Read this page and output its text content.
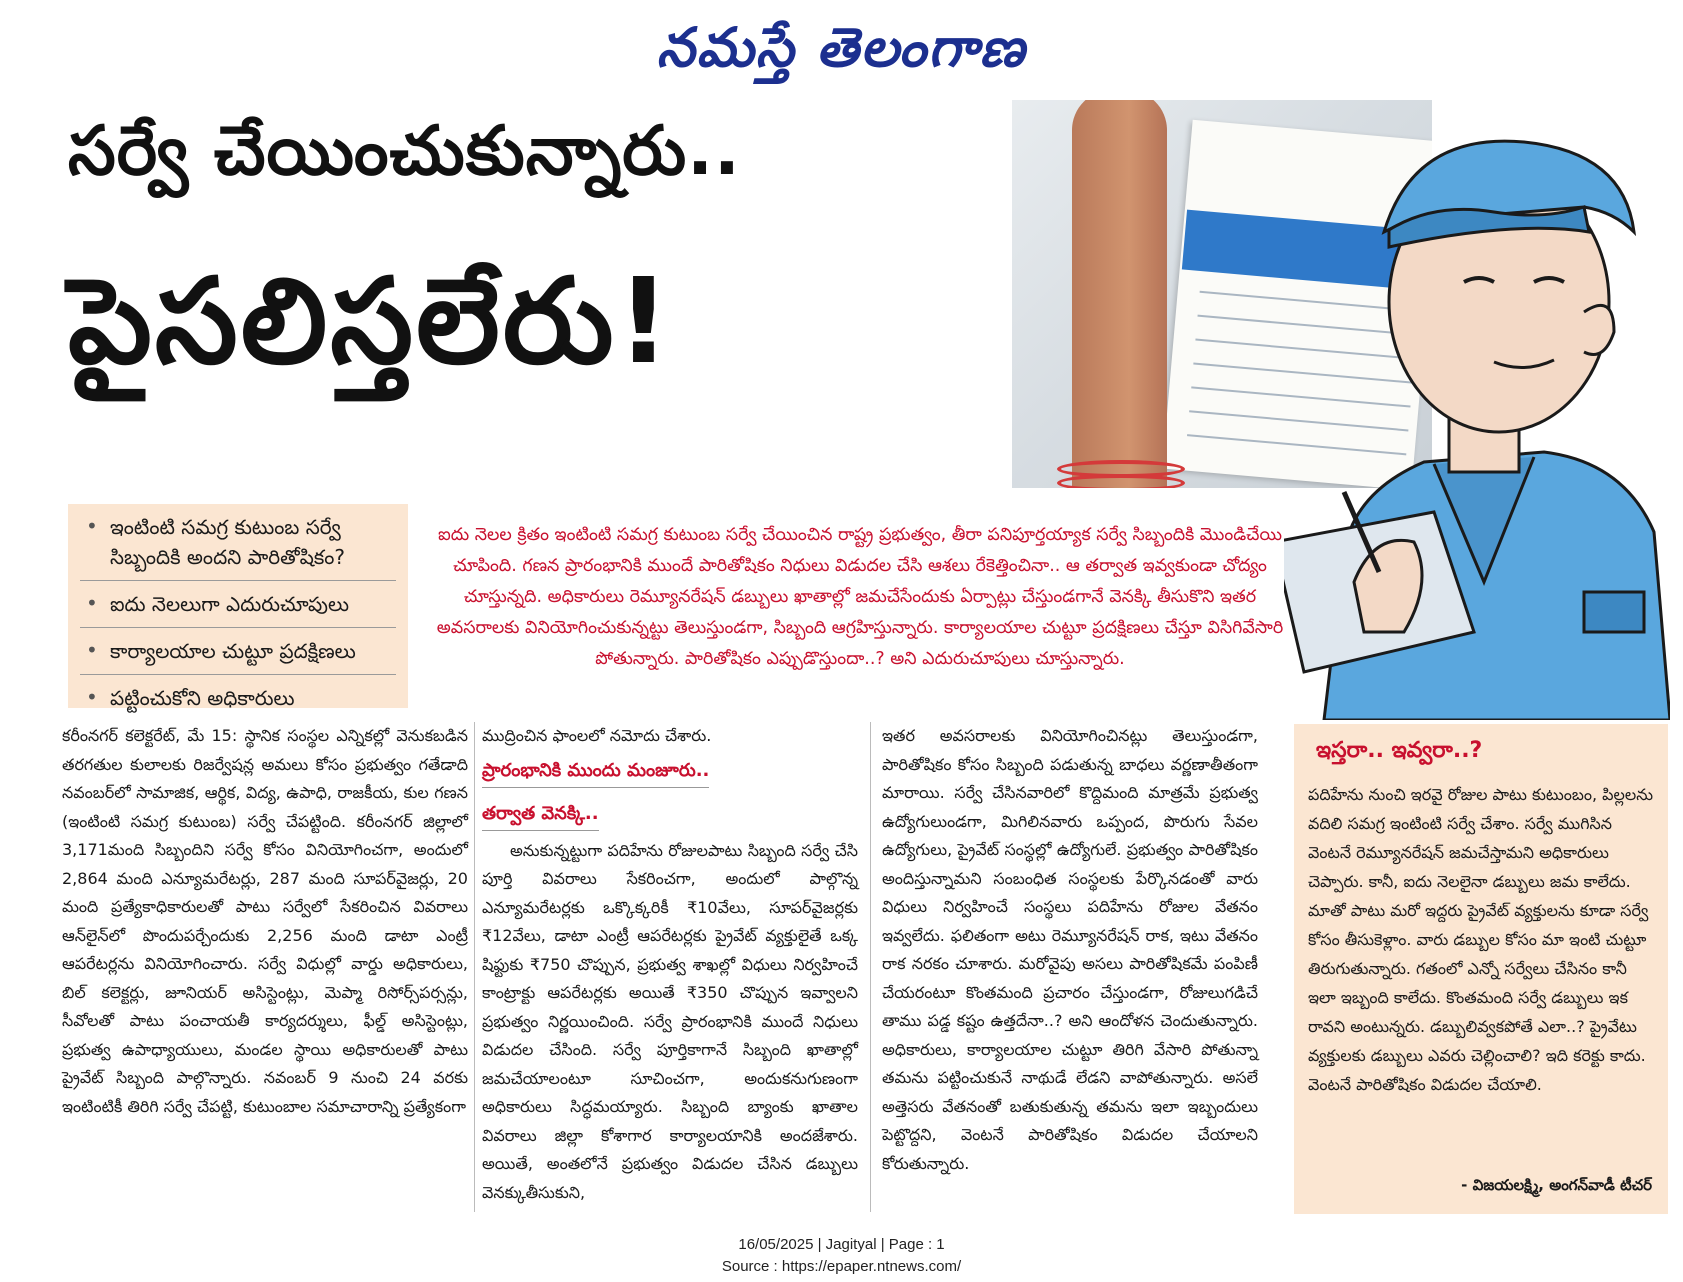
నమస్తే తెలంగాణ
సర్వే చేయించుకున్నారు..
పైసలిస్తలేరు!
• ఇంటింటి సమగ్ర కుటుంబ సర్వే సిబ్బందికి అందని పారితోషికం?
• ఐదు నెలలుగా ఎదురుచూపులు
• కార్యాలయాల చుట్టూ ప్రదక్షిణలు
• పట్టించుకోని అధికారులు
ఐదు నెలల క్రితం ఇంటింటి సమగ్ర కుటుంబ సర్వే చేయించిన రాష్ట్ర ప్రభుత్వం, తీరా పనిపూర్తయ్యాక సర్వే సిబ్బందికి మొండిచేయి చూపింది. గణన ప్రారంభానికి ముందే పారితోషికం నిధులు విడుదల చేసి ఆశలు రేకెత్తించినా.. ఆ తర్వాత ఇవ్వకుండా చోద్యం చూస్తున్నది. అధికారులు రెమ్యూనరేషన్ డబ్బులు ఖాతాల్లో జమచేసేందుకు ఏర్పాట్లు చేస్తుండగానే వెనక్కి తీసుకొని ఇతర అవసరాలకు వినియోగించుకున్నట్టు తెలుస్తుండగా, సిబ్బంది ఆగ్రహిస్తున్నారు. కార్యాలయాల చుట్టూ ప్రదక్షిణలు చేస్తూ విసిగివేసారి పోతున్నారు. పారితోషికం ఎప్పుడొస్తుందా..? అని ఎదురుచూపులు చూస్తున్నారు.
కరీంనగర్ కలెక్టరేట్, మే 15: స్థానిక సంస్థల ఎన్నికల్లో వెనుకబడిన తరగతుల కులాలకు రిజర్వేషన్ల అమలు కోసం ప్రభుత్వం గతేడాది నవంబర్‌లో సామాజిక, ఆర్థిక, విద్య, ఉపాధి, రాజకీయ, కుల గణన (ఇంటింటి సమగ్ర కుటుంబ) సర్వే చేపట్టింది. కరీంనగర్ జిల్లాలో 3,171మంది సిబ్బందిని సర్వే కోసం వినియోగించగా, అందులో 2,864 మంది ఎన్యూమరేటర్లు, 287 మంది సూపర్‌వైజర్లు, 20 మంది ప్రత్యేకాధికారులతో పాటు సర్వేలో సేకరించిన వివరాలు ఆన్‌లైన్‌లో పొందుపర్చేందుకు 2,256 మంది డాటా ఎంట్రీ ఆపరేటర్లను వినియోగించారు. సర్వే విధుల్లో వార్డు అధికారులు, బిల్ కలెక్టర్లు, జూనియర్ అసిస్టెంట్లు, మెప్మా రిసోర్స్‌పర్సన్లు, సీవోలతో పాటు పంచాయతీ కార్యదర్శులు, ఫీల్డ్ అసిస్టెంట్లు, ప్రభుత్వ ఉపాధ్యాయులు, మండల స్థాయి అధికారులతో పాటు ప్రైవేట్ సిబ్బంది పాల్గొన్నారు. నవంబర్ 9 నుంచి 24 వరకు ఇంటింటికీ తిరిగి సర్వే చేపట్టి, కుటుంబాల సమాచారాన్ని ప్రత్యేకంగా

ముద్రించిన ఫాంలలో నమోదు చేశారు.

ప్రారంభానికి ముందు మంజూరు..
తర్వాత వెనక్కి..

అనుకున్నట్టుగా పదిహేను రోజులపాటు సిబ్బంది సర్వే చేసి పూర్తి వివరాలు సేకరించగా, అందులో పాల్గొన్న ఎన్యూమరేటర్లకు ఒక్కొక్కరికీ ₹10వేలు, సూపర్‌వైజర్లకు ₹12వేలు, డాటా ఎంట్రీ ఆపరేటర్లకు ప్రైవేట్ వ్యక్తులైతే ఒక్క షిఫ్టుకు ₹750 చొప్పున, ప్రభుత్వ శాఖల్లో విధులు నిర్వహించే కాంట్రాక్టు ఆపరేటర్లకు అయితే ₹350 చొప్పున ఇవ్వాలని ప్రభుత్వం నిర్ణయించింది. సర్వే ప్రారంభానికి ముందే నిధులు విడుదల చేసింది. సర్వే పూర్తికాగానే సిబ్బంది ఖాతాల్లో జమచేయాలంటూ సూచించగా, అందుకనుగుణంగా అధికారులు సిద్ధమయ్యారు. సిబ్బంది బ్యాంకు ఖాతాల వివరాలు జిల్లా కోశాగార కార్యాలయానికి అందజేశారు. అయితే, అంతలోనే ప్రభుత్వం విడుదల చేసిన డబ్బులు వెనక్కుతీసుకుని,

ఇతర అవసరాలకు వినియోగించినట్లు తెలుస్తుండగా, పారితోషికం కోసం సిబ్బంది పడుతున్న బాధలు వర్ణణాతీతంగా మారాయి. సర్వే చేసినవారిలో కొద్దిమంది మాత్రమే ప్రభుత్వ ఉద్యోగులుండగా, మిగిలినవారు ఒప్పంద, పొరుగు సేవల ఉద్యోగులు, ప్రైవేట్ సంస్థల్లో ఉద్యోగులే. ప్రభుత్వం పారితోషికం అందిస్తున్నామని సంబంధిత సంస్థలకు పేర్కొనడంతో వారు విధులు నిర్వహించే సంస్థలు పదిహేను రోజుల వేతనం ఇవ్వలేదు. ఫలితంగా అటు రెమ్యూనరేషన్ రాక, ఇటు వేతనం రాక నరకం చూశారు. మరోవైపు అసలు పారితోషికమే పంపిణీ చేయరంటూ కొంతమంది ప్రచారం చేస్తుండగా, రోజులుగడిచే తాము పడ్డ కష్టం ఉత్తదేనా..? అని ఆందోళన చెందుతున్నారు. అధికారులు, కార్యాలయాల చుట్టూ తిరిగి వేసారి పోతున్నా తమను పట్టించుకునే నాథుడే లేడని వాపోతున్నారు. అసలే అత్తెసరు వేతనంతో బతుకుతున్న తమను ఇలా ఇబ్బందులు పెట్టొద్దని, వెంటనే పారితోషికం విడుదల చేయాలని కోరుతున్నారు.
ఇస్తరా.. ఇవ్వరా..?
పదిహేను నుంచి ఇరవై రోజుల పాటు కుటుంబం, పిల్లలను వదిలి సమగ్ర ఇంటింటి సర్వే చేశాం. సర్వే ముగిసిన వెంటనే రెమ్యూనరేషన్ జమచేస్తామని అధికారులు చెప్పారు. కానీ, ఐదు నెలలైనా డబ్బులు జమ కాలేదు. మాతో పాటు మరో ఇద్దరు ప్రైవేట్ వ్యక్తులను కూడా సర్వే కోసం తీసుకెళ్లాం. వారు డబ్బుల కోసం మా ఇంటి చుట్టూ తిరుగుతున్నారు. గతంలో ఎన్నో సర్వేలు చేసినం కానీ ఇలా ఇబ్బంది కాలేదు. కొంతమంది సర్వే డబ్బులు ఇక రావని అంటున్నరు. డబ్బులివ్వకపోతే ఎలా..? ప్రైవేటు వ్యక్తులకు డబ్బులు ఎవరు చెల్లించాలి? ఇది కరెక్టు కాదు. వెంటనే పారితోషికం విడుదల చేయాలి.
- విజయలక్ష్మి, అంగన్‌వాడీ టీచర్
16/05/2025 | Jagityal | Page : 1
Source : https://epaper.ntnews.com/
